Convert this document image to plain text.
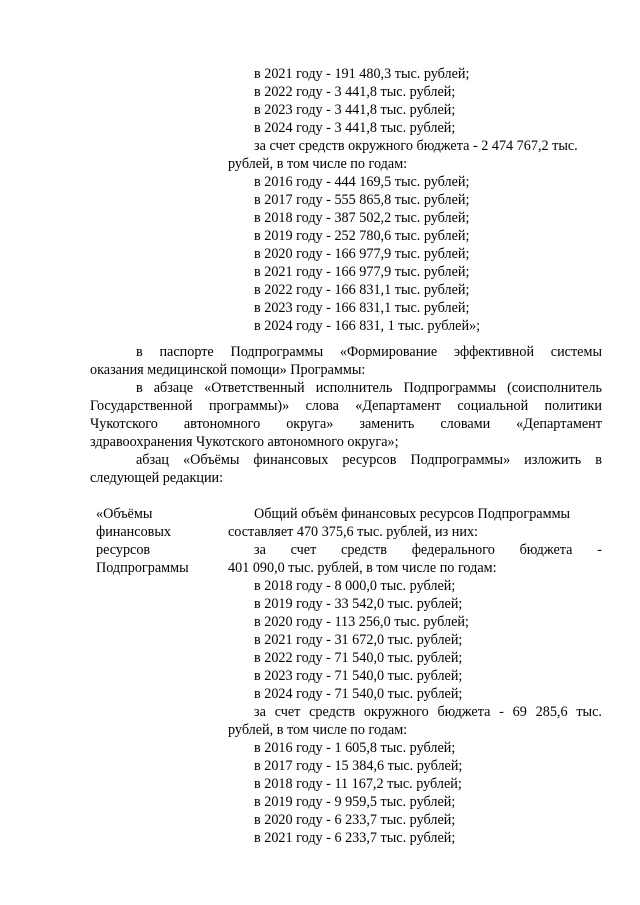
в 2021 году - 191 480,3 тыс. рублей;
в 2022 году - 3 441,8 тыс. рублей;
в 2023 году - 3 441,8 тыс. рублей;
в 2024 году - 3 441,8 тыс. рублей;
за счет средств окружного бюджета - 2 474 767,2 тыс.
рублей, в том числе по годам:
в 2016 году - 444 169,5 тыс. рублей;
в 2017 году - 555 865,8 тыс. рублей;
в 2018 году - 387 502,2 тыс. рублей;
в 2019 году - 252 780,6 тыс. рублей;
в 2020 году - 166 977,9 тыс. рублей;
в 2021 году - 166 977,9 тыс. рублей;
в 2022 году - 166 831,1 тыс. рублей;
в 2023 году - 166 831,1 тыс. рублей;
в 2024 году - 166 831, 1 тыс. рублей»;
в паспорте Подпрограммы «Формирование эффективной системы
оказания медицинской помощи» Программы:
в абзаце «Ответственный исполнитель Подпрограммы (соисполнитель
Государственной программы)» слова «Департамент социальной политики
Чукотского автономного округа» заменить словами «Департамент
здравоохранения Чукотского автономного округа»;
абзац «Объёмы финансовых ресурсов Подпрограммы» изложить в
следующей редакции:
«Объёмы
финансовых
ресурсов
Подпрограммы
Общий объём финансовых ресурсов Подпрограммы
составляет 470 375,6 тыс. рублей, из них:
за счет средств федерального бюджета -
401 090,0 тыс. рублей, в том числе по годам:
в 2018 году - 8 000,0 тыс. рублей;
в 2019 году - 33 542,0 тыс. рублей;
в 2020 году - 113 256,0 тыс. рублей;
в 2021 году - 31 672,0 тыс. рублей;
в 2022 году - 71 540,0 тыс. рублей;
в 2023 году - 71 540,0 тыс. рублей;
в 2024 году - 71 540,0 тыс. рублей;
за счет средств окружного бюджета - 69 285,6 тыс.
рублей, в том числе по годам:
в 2016 году - 1 605,8 тыс. рублей;
в 2017 году - 15 384,6 тыс. рублей;
в 2018 году - 11 167,2 тыс. рублей;
в 2019 году - 9 959,5 тыс. рублей;
в 2020 году - 6 233,7 тыс. рублей;
в 2021 году - 6 233,7 тыс. рублей;
